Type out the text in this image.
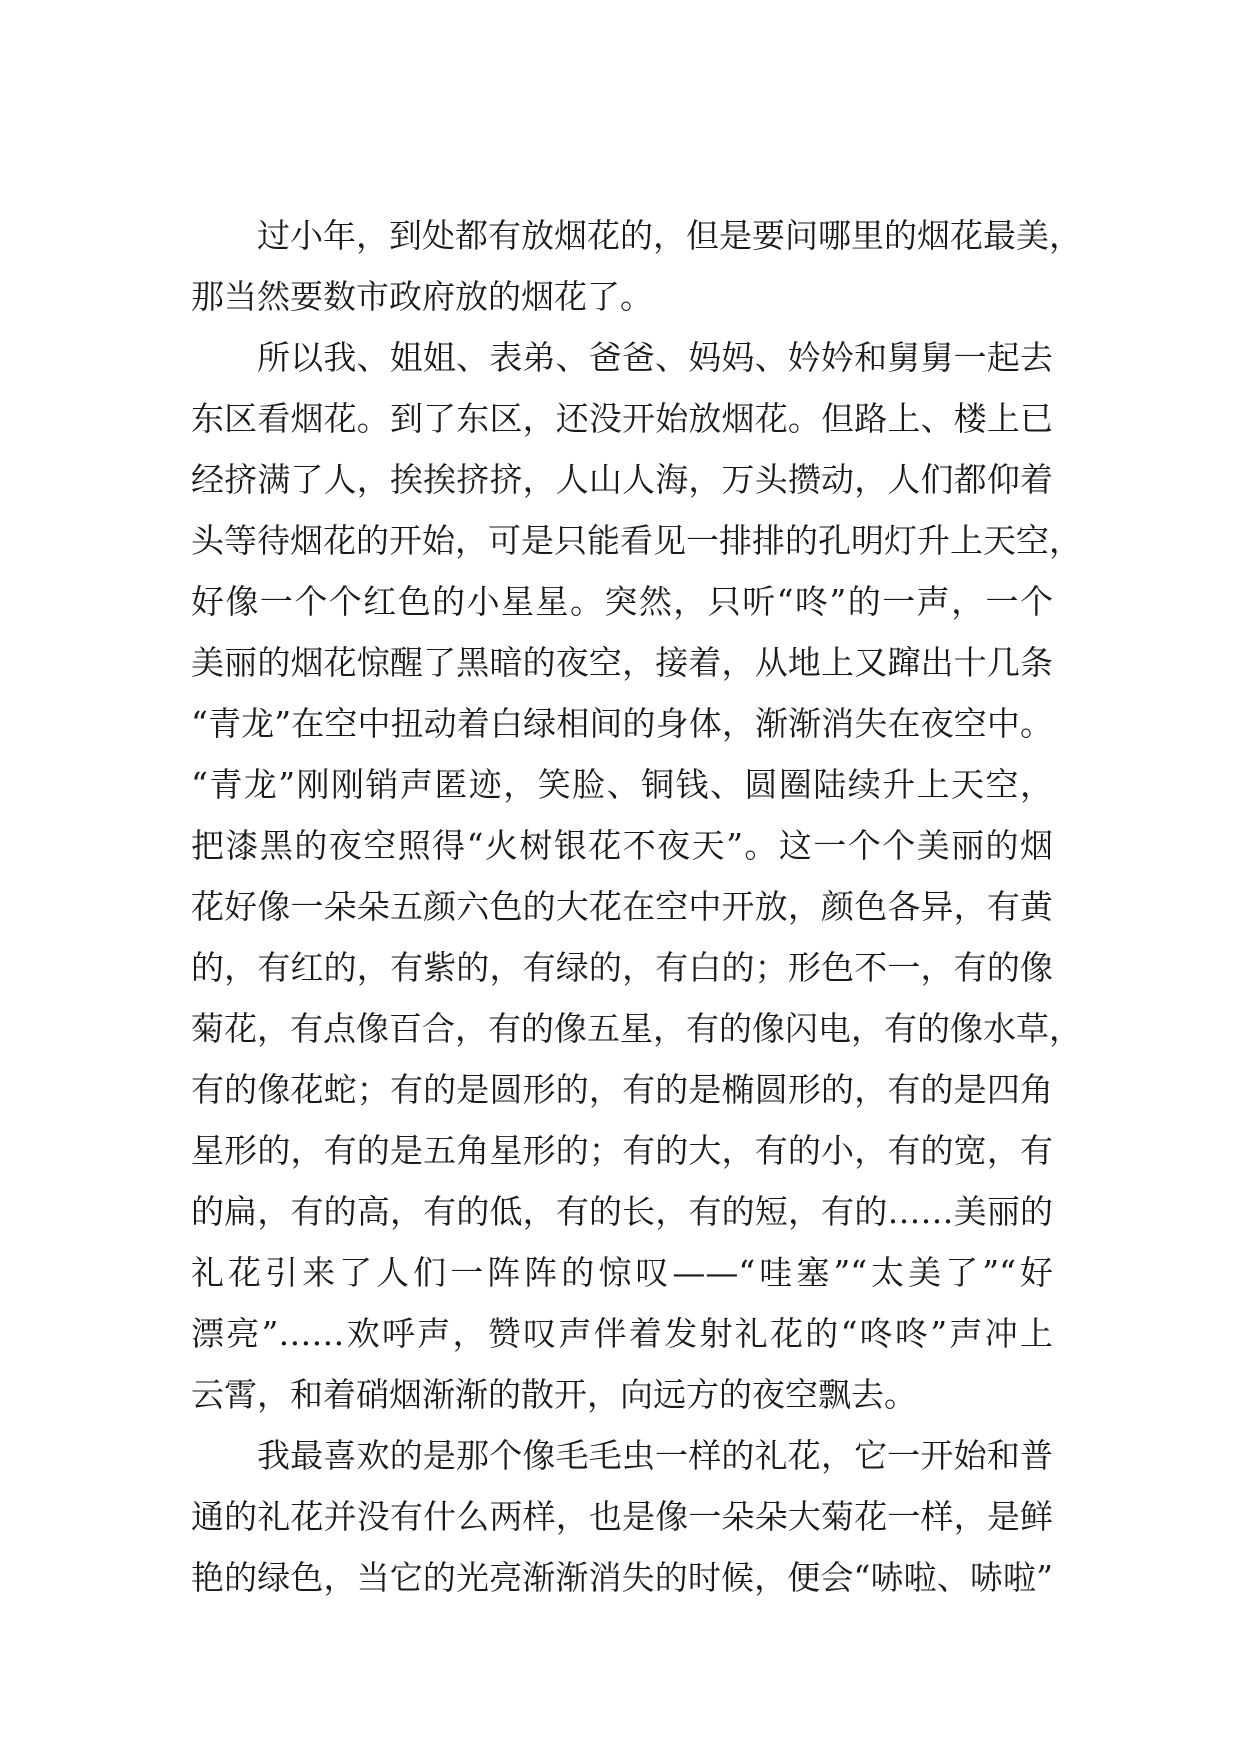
过小年，到处都有放烟花的，但是要问哪里的烟花最美，
那当然要数市政府放的烟花了。
所以我、姐姐、表弟、爸爸、妈妈、妗妗和舅舅一起去
东区看烟花。到了东区，还没开始放烟花。但路上、楼上已
经挤满了人，挨挨挤挤，人山人海，万头攒动，人们都仰着
头等待烟花的开始，可是只能看见一排排的孔明灯升上天空，
好像一个个红色的小星星。突然，只听“咚”的一声，一个
美丽的烟花惊醒了黑暗的夜空，接着，从地上又蹿出十几条
“青龙”在空中扭动着白绿相间的身体，渐渐消失在夜空中。
“青龙”刚刚销声匿迹，笑脸、铜钱、圆圈陆续升上天空，
把漆黑的夜空照得“火树银花不夜天”。这一个个美丽的烟
花好像一朵朵五颜六色的大花在空中开放，颜色各异，有黄
的，有红的，有紫的，有绿的，有白的；形色不一，有的像
菊花，有点像百合，有的像五星，有的像闪电，有的像水草，
有的像花蛇；有的是圆形的，有的是椭圆形的，有的是四角
星形的，有的是五角星形的；有的大，有的小，有的宽，有
的扁，有的高，有的低，有的长，有的短，有的……美丽的
礼花引来了人们一阵阵的惊叹——“哇塞”“太美了”“好
漂亮”……欢呼声，赞叹声伴着发射礼花的“咚咚”声冲上
云霄，和着硝烟渐渐的散开，向远方的夜空飘去。
我最喜欢的是那个像毛毛虫一样的礼花，它一开始和普
通的礼花并没有什么两样，也是像一朵朵大菊花一样，是鲜
艳的绿色，当它的光亮渐渐消失的时候，便会“哧啦、哧啦”
